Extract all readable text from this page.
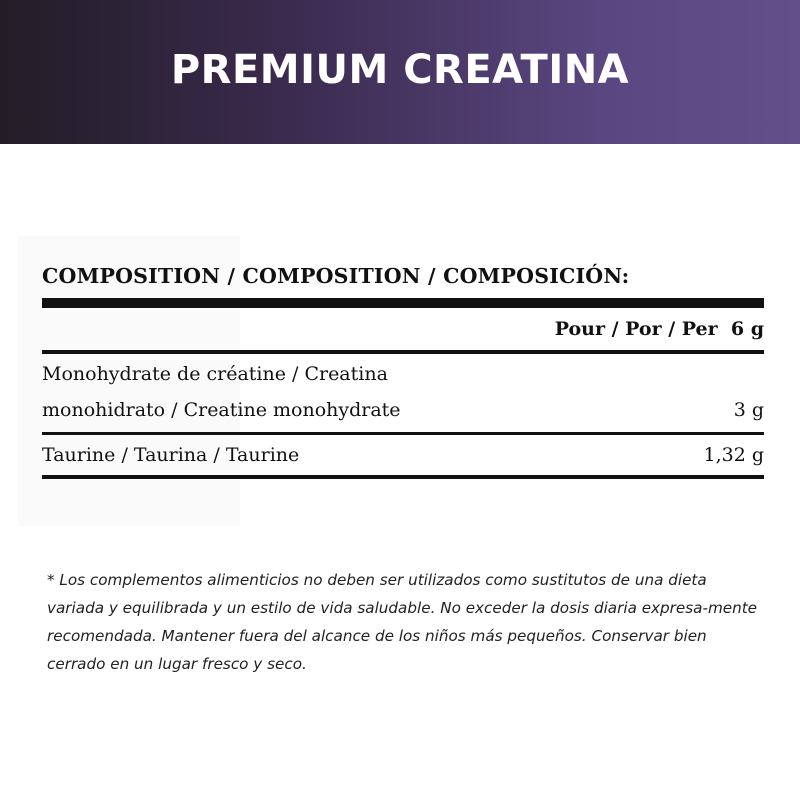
PREMIUM CREATINA

COMPOSITION / COMPOSITION / COMPOSICIÓN:

Pour / Por / Per  6 g
Monohydrate de créatine / Creatina
monohidrato / Creatine monohydrate	3 g
Taurine / Taurina / Taurine	1,32 g

* Los complementos alimenticios no deben ser utilizados como sustitutos de una dieta variada y equilibrada y un estilo de vida saludable. No exceder la dosis diaria expresa-mente recomendada. Mantener fuera del alcance de los niños más pequeños. Conservar bien cerrado en un lugar fresco y seco.
